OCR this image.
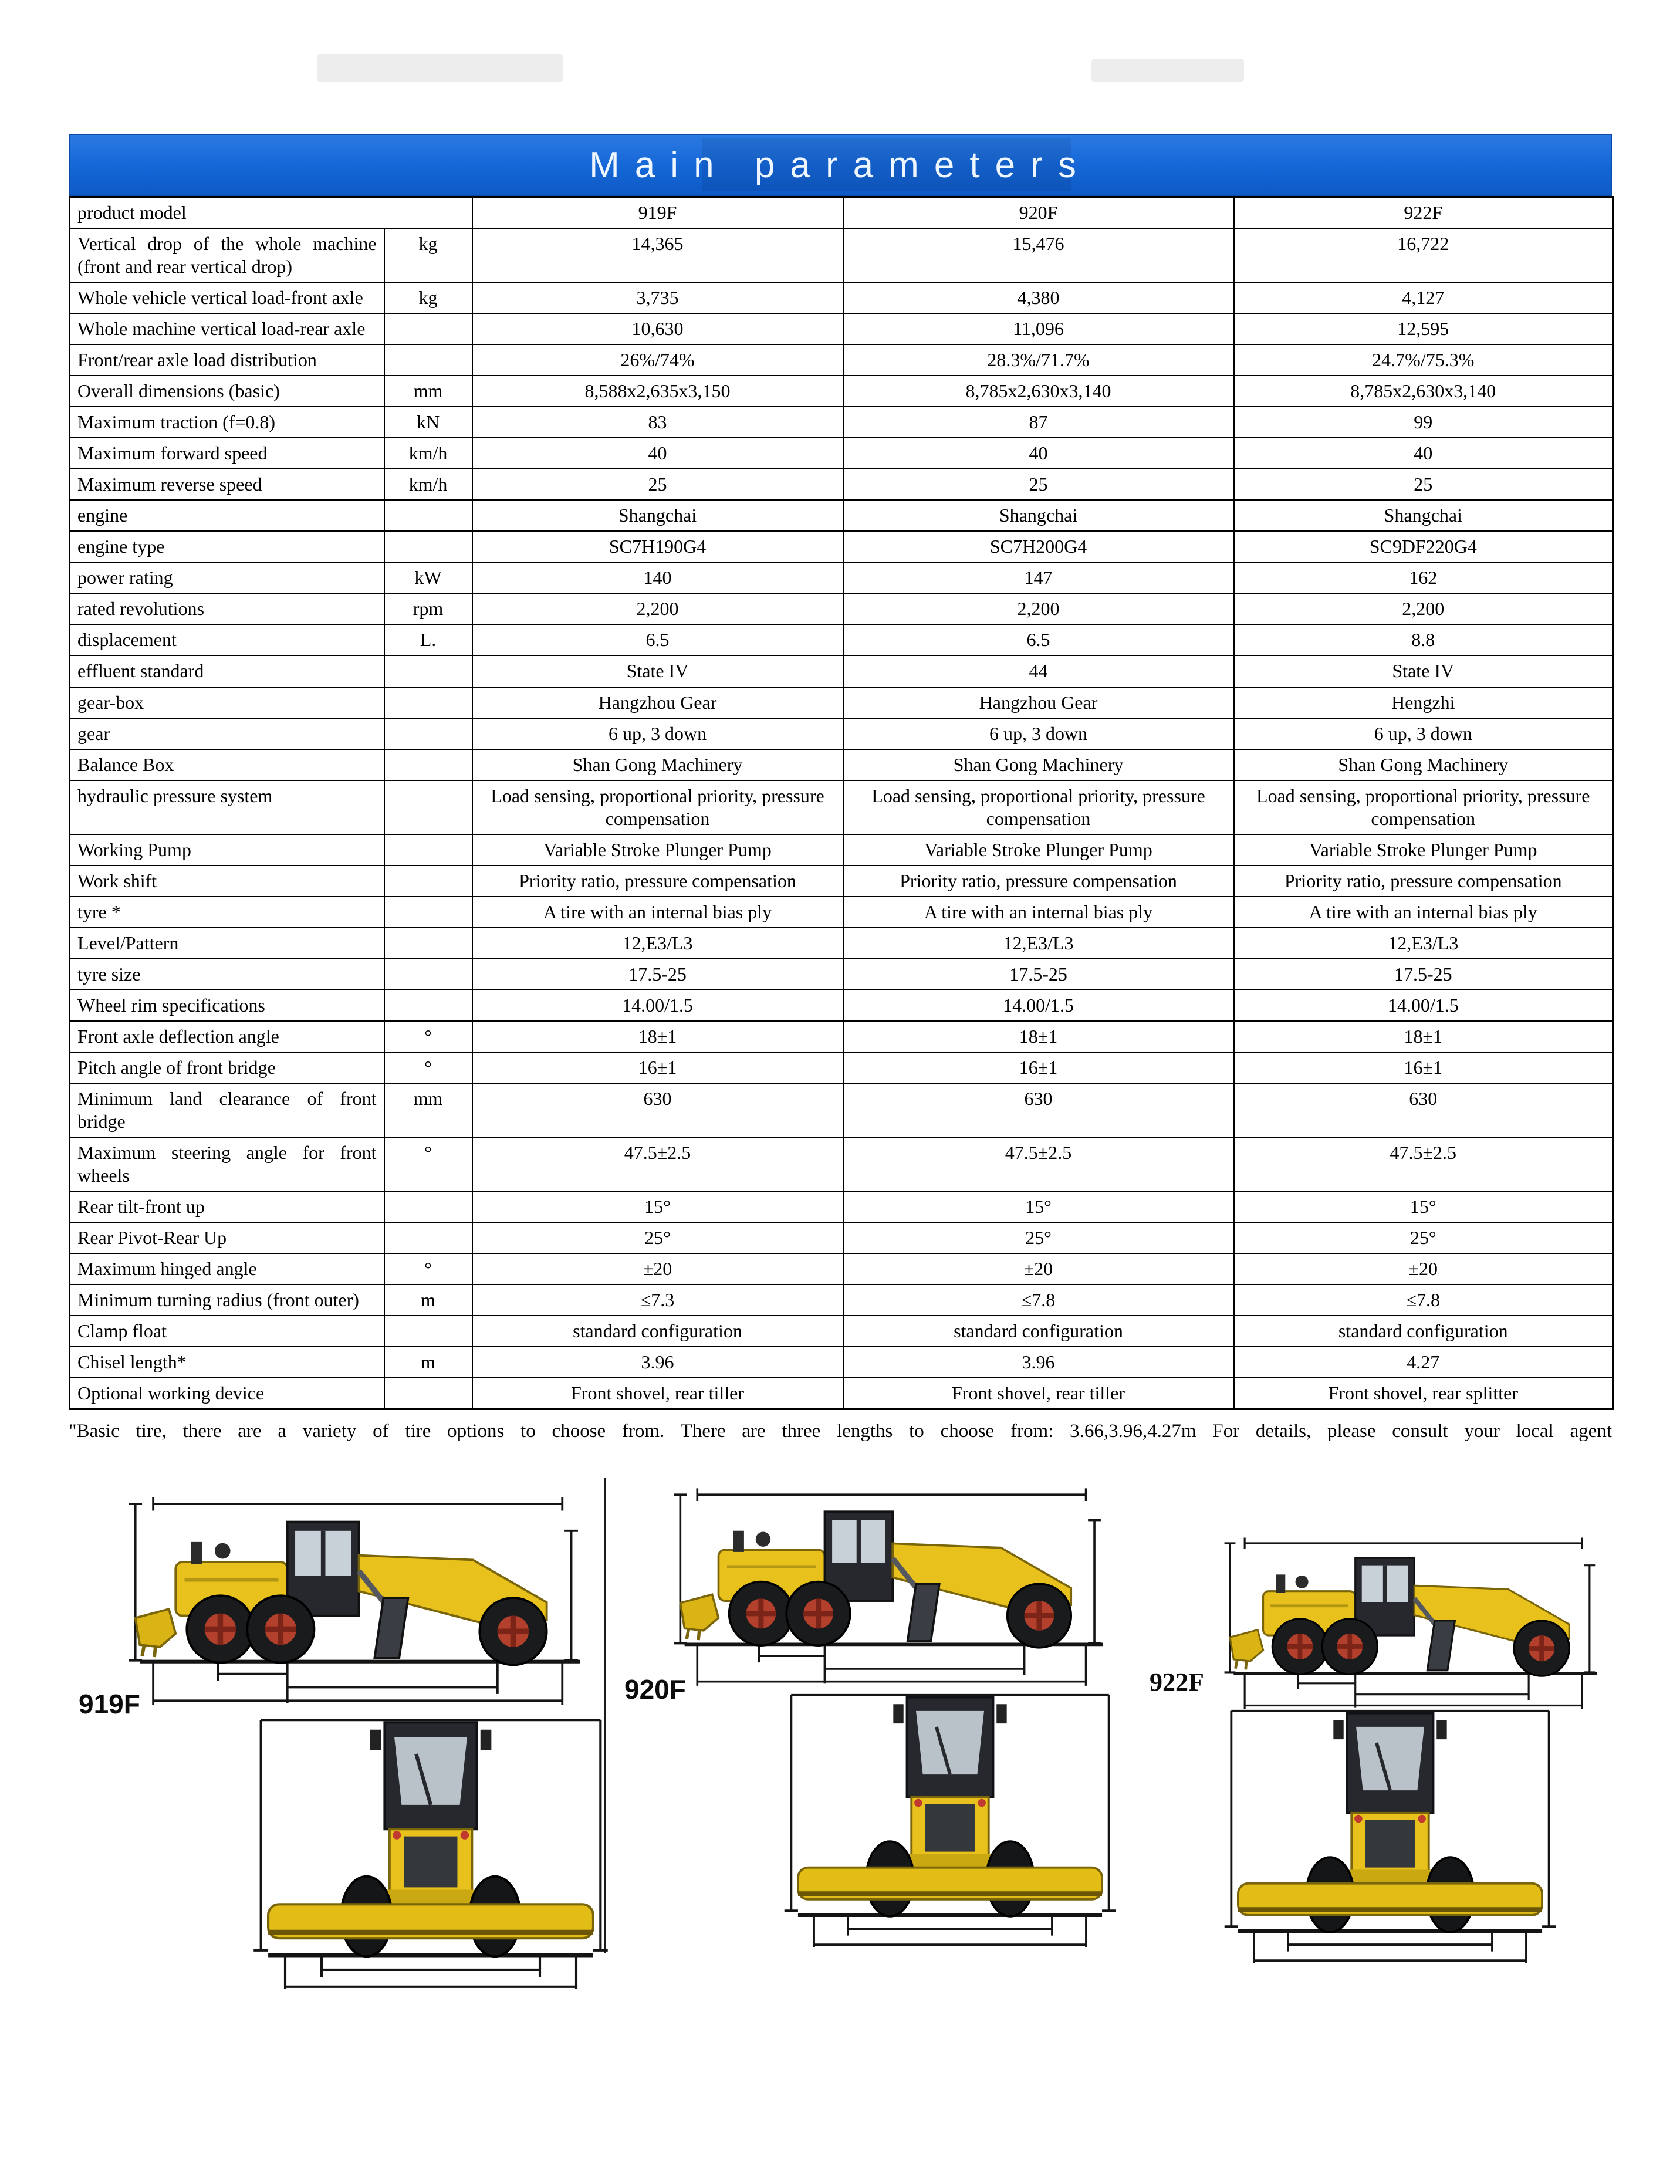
Main parameters
product model		919F	920F	922F
Vertical drop of the whole machine (front and rear vertical drop)	kg	14,365	15,476	16,722
Whole vehicle vertical load-front axle	kg	3,735	4,380	4,127
Whole machine vertical load-rear axle		10,630	11,096	12,595
Front/rear axle load distribution		26%/74%	28.3%/71.7%	24.7%/75.3%
Overall dimensions (basic)	mm	8,588x2,635x3,150	8,785x2,630x3,140	8,785x2,630x3,140
Maximum traction (f=0.8)	kN	83	87	99
Maximum forward speed	km/h	40	40	40
Maximum reverse speed	km/h	25	25	25
engine		Shangchai	Shangchai	Shangchai
engine type		SC7H190G4	SC7H200G4	SC9DF220G4
power rating	kW	140	147	162
rated revolutions	rpm	2,200	2,200	2,200
displacement	L.	6.5	6.5	8.8
effluent standard		State IV	44	State IV
gear-box		Hangzhou Gear	Hangzhou Gear	Hengzhi
gear		6 up, 3 down	6 up, 3 down	6 up, 3 down
Balance Box		Shan Gong Machinery	Shan Gong Machinery	Shan Gong Machinery
hydraulic pressure system		Load sensing, proportional priority, pressure compensation	Load sensing, proportional priority, pressure compensation	Load sensing, proportional priority, pressure compensation
Working Pump		Variable Stroke Plunger Pump	Variable Stroke Plunger Pump	Variable Stroke Plunger Pump
Work shift		Priority ratio, pressure compensation	Priority ratio, pressure compensation	Priority ratio, pressure compensation
tyre *		A tire with an internal bias ply	A tire with an internal bias ply	A tire with an internal bias ply
Level/Pattern		12,E3/L3	12,E3/L3	12,E3/L3
tyre size		17.5-25	17.5-25	17.5-25
Wheel rim specifications		14.00/1.5	14.00/1.5	14.00/1.5
Front axle deflection angle	°	18±1	18±1	18±1
Pitch angle of front bridge	°	16±1	16±1	16±1
Minimum land clearance of front bridge	mm	630	630	630
Maximum steering angle for front wheels	°	47.5±2.5	47.5±2.5	47.5±2.5
Rear tilt-front up		15°	15°	15°
Rear Pivot-Rear Up		25°	25°	25°
Maximum hinged angle	°	±20	±20	±20
Minimum turning radius (front outer)	m	≤7.3	≤7.8	≤7.8
Clamp float		standard configuration	standard configuration	standard configuration
Chisel length*	m	3.96	3.96	4.27
Optional working device		Front shovel, rear tiller	Front shovel, rear tiller	Front shovel, rear splitter
"Basic tire, there are a variety of tire options to choose from. There are three lengths to choose from: 3.66,3.96,4.27m For details, please consult your local agent
919F	920F	922F
